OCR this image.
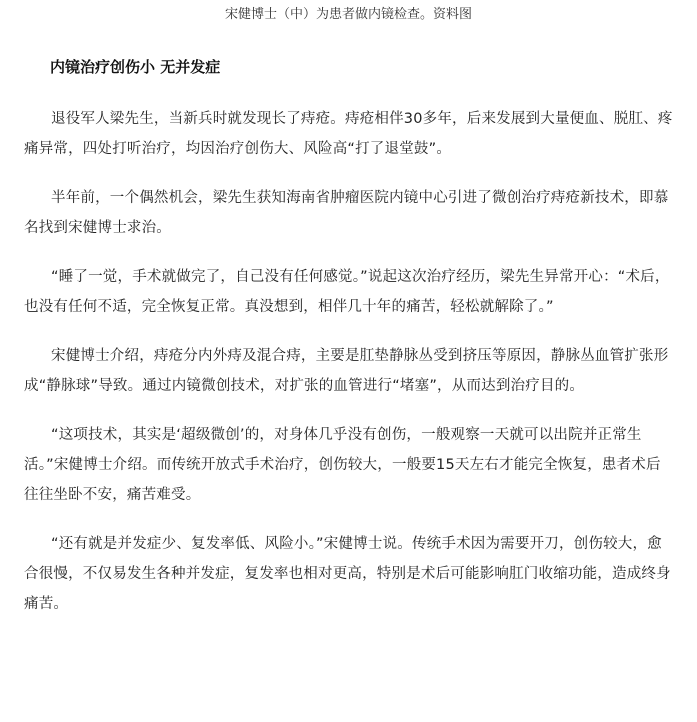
宋健博士（中）为患者做内镜检查。资料图
内镜治疗创伤小 无并发症

退役军人梁先生，当新兵时就发现长了痔疮。痔疮相伴30多年，后来发展到大量便血、脱肛、疼痛异常，四处打听治疗，均因治疗创伤大、风险高“打了退堂鼓”。

半年前，一个偶然机会，梁先生获知海南省肿瘤医院内镜中心引进了微创治疗痔疮新技术，即慕名找到宋健博士求治。

“睡了一觉，手术就做完了，自己没有任何感觉。”说起这次治疗经历，梁先生异常开心：“术后，也没有任何不适，完全恢复正常。真没想到，相伴几十年的痛苦，轻松就解除了。”

宋健博士介绍，痔疮分内外痔及混合痔，主要是肛垫静脉丛受到挤压等原因，静脉丛血管扩张形成“静脉球”导致。通过内镜微创技术，对扩张的血管进行“堵塞”，从而达到治疗目的。

“这项技术，其实是‘超级微创’的，对身体几乎没有创伤，一般观察一天就可以出院并正常生活。”宋健博士介绍。而传统开放式手术治疗，创伤较大，一般要15天左右才能完全恢复，患者术后往往坐卧不安，痛苦难受。

“还有就是并发症少、复发率低、风险小。”宋健博士说。传统手术因为需要开刀，创伤较大，愈合很慢，不仅易发生各种并发症，复发率也相对更高，特别是术后可能影响肛门收缩功能，造成终身痛苦。
